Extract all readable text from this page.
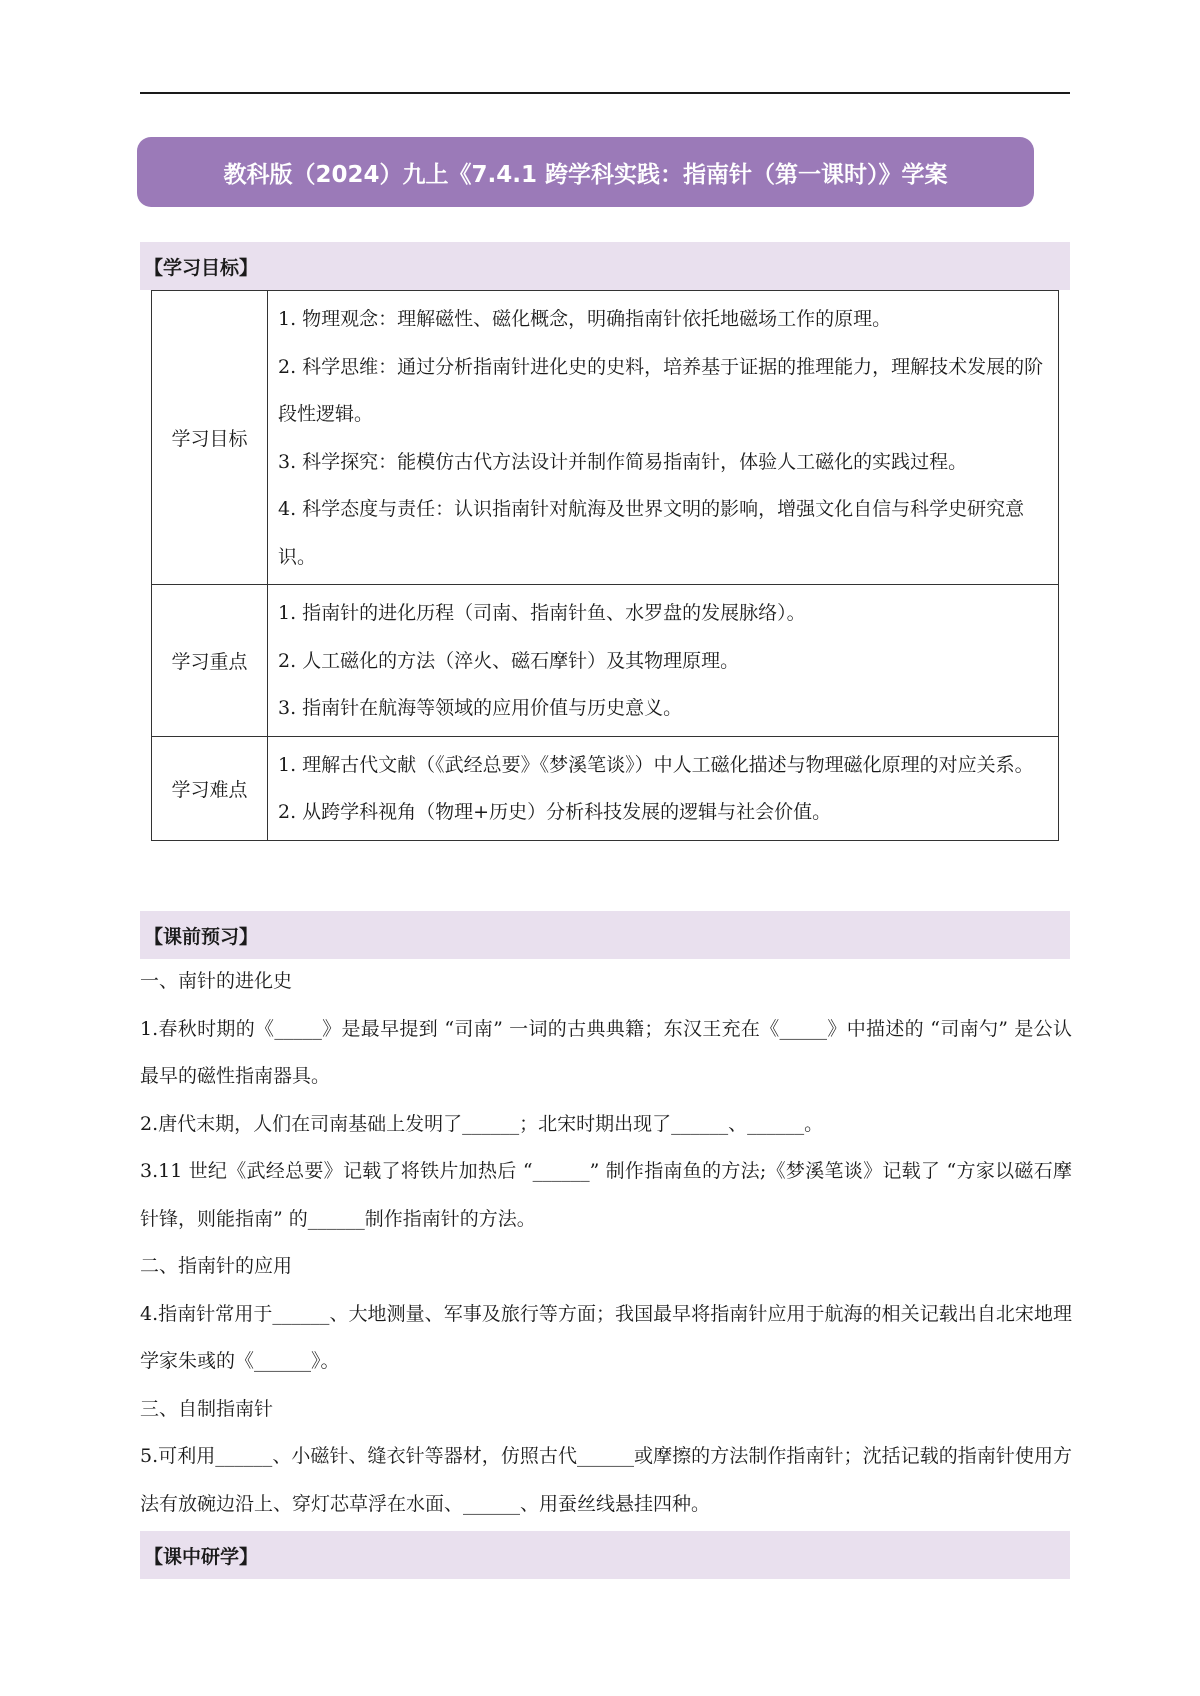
教科版（2024）九上《7.4.1 跨学科实践：指南针（第一课时）》学案
【学习目标】
学习目标	1. 物理观念：理解磁性、磁化概念，明确指南针依托地磁场工作的原理。

2. 科学思维：通过分析指南针进化史的史料，培养基于证据的推理能力，理解技术发展的阶段性逻辑。

3. 科学探究：能模仿古代方法设计并制作简易指南针，体验人工磁化的实践过程。

4. 科学态度与责任：认识指南针对航海及世界文明的影响，增强文化自信与科学史研究意识。

学习重点	1. 指南针的进化历程（司南、指南针鱼、水罗盘的发展脉络）。

2. 人工磁化的方法（淬火、磁石摩针）及其物理原理。

3. 指南针在航海等领域的应用价值与历史意义。

学习难点	1. 理解古代文献（《武经总要》《梦溪笔谈》）中人工磁化描述与物理磁化原理的对应关系。

2. 从跨学科视角（物理+历史）分析科技发展的逻辑与社会价值。

【课前预习】

一、南针的进化史

1.春秋时期的《_____》是最早提到 “司南” 一词的古典典籍；东汉王充在《_____》中描述的 “司南勺” 是公认最早的磁性指南器具。

2.唐代末期，人们在司南基础上发明了______；北宋时期出现了______、______。

3.11 世纪《武经总要》记载了将铁片加热后 “______” 制作指南鱼的方法;《梦溪笔谈》记载了 “方家以磁石摩针锋，则能指南” 的______制作指南针的方法。

二、指南针的应用

4.指南针常用于______、大地测量、军事及旅行等方面；我国最早将指南针应用于航海的相关记载出自北宋地理学家朱彧的《______》。

三、自制指南针

5.可利用______、小磁针、缝衣针等器材，仿照古代______或摩擦的方法制作指南针；沈括记载的指南针使用方法有放碗边沿上、穿灯芯草浮在水面、______、用蚕丝线悬挂四种。

【课中研学】
